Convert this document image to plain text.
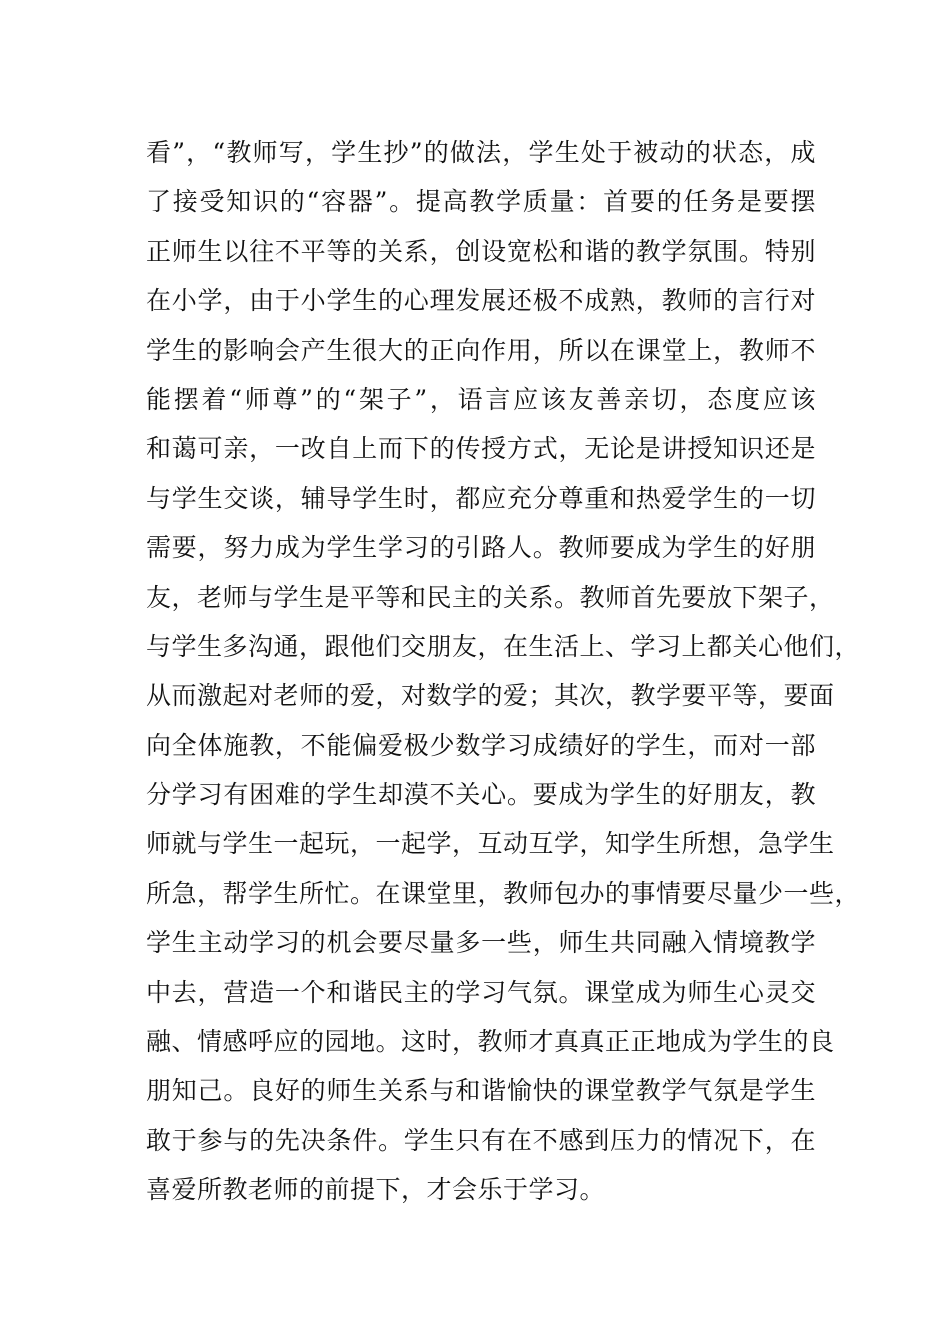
看”，“教师写，学生抄”的做法，学生处于被动的状态，成
了接受知识的“容器”。提高教学质量：首要的任务是要摆
正师生以往不平等的关系，创设宽松和谐的教学氛围。特别
在小学，由于小学生的心理发展还极不成熟，教师的言行对
学生的影响会产生很大的正向作用，所以在课堂上，教师不
能摆着“师尊”的“架子”，语言应该友善亲切，态度应该
和蔼可亲，一改自上而下的传授方式，无论是讲授知识还是
与学生交谈，辅导学生时，都应充分尊重和热爱学生的一切
需要，努力成为学生学习的引路人。教师要成为学生的好朋
友，老师与学生是平等和民主的关系。教师首先要放下架子，
与学生多沟通，跟他们交朋友，在生活上、学习上都关心他们，
从而激起对老师的爱，对数学的爱；其次，教学要平等，要面
向全体施教，不能偏爱极少数学习成绩好的学生，而对一部
分学习有困难的学生却漠不关心。要成为学生的好朋友，教
师就与学生一起玩，一起学，互动互学，知学生所想，急学生
所急，帮学生所忙。在课堂里，教师包办的事情要尽量少一些，
学生主动学习的机会要尽量多一些，师生共同融入情境教学
中去，营造一个和谐民主的学习气氛。课堂成为师生心灵交
融、情感呼应的园地。这时，教师才真真正正地成为学生的良
朋知己。良好的师生关系与和谐愉快的课堂教学气氛是学生
敢于参与的先决条件。学生只有在不感到压力的情况下，在
喜爱所教老师的前提下，才会乐于学习。
